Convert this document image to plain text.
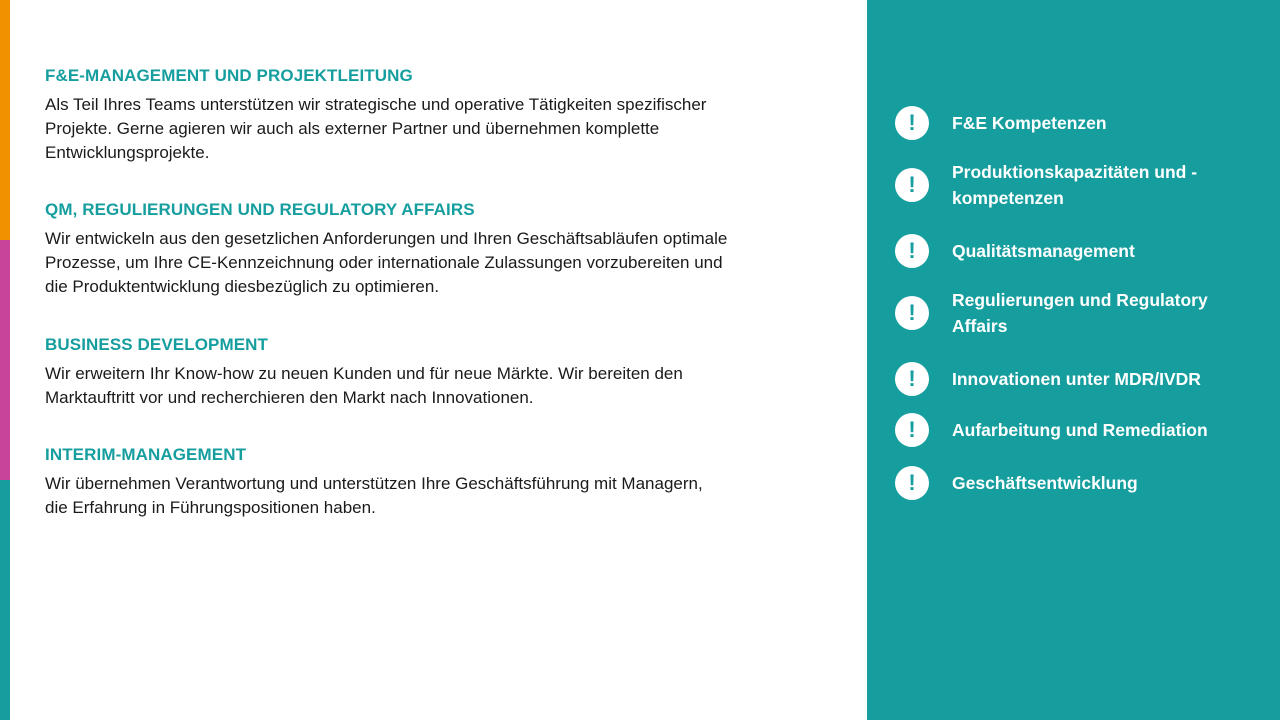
F&E-MANAGEMENT UND PROJEKTLEITUNG

Als Teil Ihres Teams unterstützen wir strategische und operative Tätigkeiten spezifischer
Projekte. Gerne agieren wir auch als externer Partner und übernehmen komplette
Entwicklungsprojekte.

QM, REGULIERUNGEN UND REGULATORY AFFAIRS

Wir entwickeln aus den gesetzlichen Anforderungen und Ihren Geschäftsabläufen optimale
Prozesse, um Ihre CE-Kennzeichnung oder internationale Zulassungen vorzubereiten und
die Produktentwicklung diesbezüglich zu optimieren.

BUSINESS DEVELOPMENT

Wir erweitern Ihr Know-how zu neuen Kunden und für neue Märkte. Wir bereiten den
Marktauftritt vor und recherchieren den Markt nach Innovationen.

INTERIM-MANAGEMENT

Wir übernehmen Verantwortung und unterstützen Ihre Geschäftsführung mit Managern,
die Erfahrung in Führungspositionen haben.

!	F&E Kompetenzen
!	Produktionskapazitäten und -
kompetenzen
!	Qualitätsmanagement
!	Regulierungen und Regulatory
Affairs
!	Innovationen unter MDR/IVDR
!	Aufarbeitung und Remediation
!	Geschäftsentwicklung
